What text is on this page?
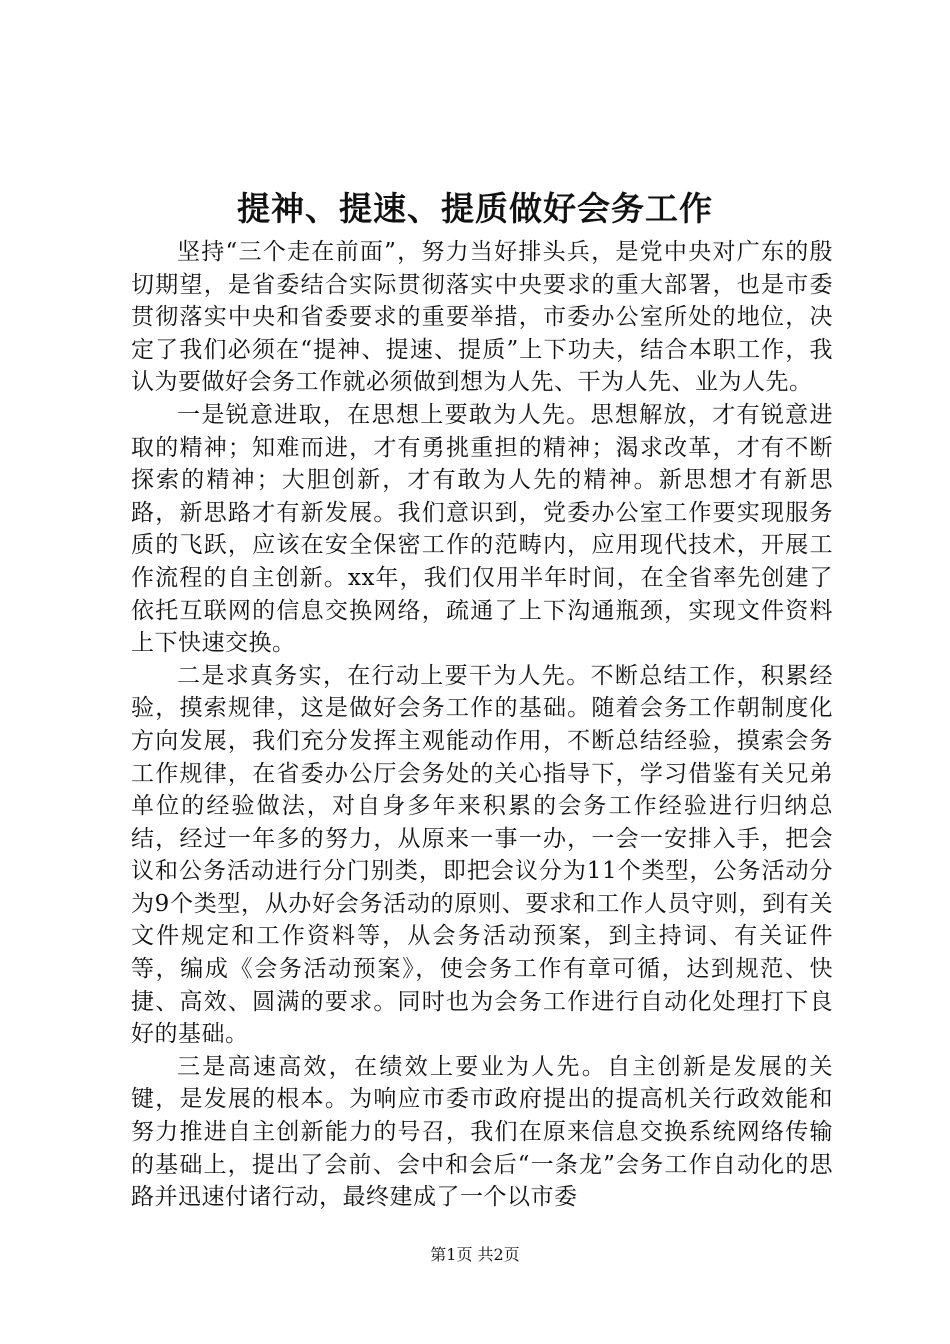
提神、提速、提质做好会务工作

坚持“三个走在前面”，努力当好排头兵，是党中央对广东的殷切期望，是省委结合实际贯彻落实中央要求的重大部署，也是市委贯彻落实中央和省委要求的重要举措，市委办公室所处的地位，决定了我们必须在“提神、提速、提质”上下功夫，结合本职工作，我认为要做好会务工作就必须做到想为人先、干为人先、业为人先。

一是锐意进取，在思想上要敢为人先。思想解放，才有锐意进取的精神；知难而进，才有勇挑重担的精神；渴求改革，才有不断探索的精神；大胆创新，才有敢为人先的精神。新思想才有新思路，新思路才有新发展。我们意识到，党委办公室工作要实现服务质的飞跃，应该在安全保密工作的范畴内，应用现代技术，开展工作流程的自主创新。xx年，我们仅用半年时间，在全省率先创建了依托互联网的信息交换网络，疏通了上下沟通瓶颈，实现文件资料上下快速交换。

二是求真务实，在行动上要干为人先。不断总结工作，积累经验，摸索规律，这是做好会务工作的基础。随着会务工作朝制度化方向发展，我们充分发挥主观能动作用，不断总结经验，摸索会务工作规律，在省委办公厅会务处的关心指导下，学习借鉴有关兄弟单位的经验做法，对自身多年来积累的会务工作经验进行归纳总结，经过一年多的努力，从原来一事一办，一会一安排入手，把会议和公务活动进行分门别类，即把会议分为11个类型，公务活动分为9个类型，从办好会务活动的原则、要求和工作人员守则，到有关文件规定和工作资料等，从会务活动预案，到主持词、有关证件等，编成《会务活动预案》，使会务工作有章可循，达到规范、快捷、高效、圆满的要求。同时也为会务工作进行自动化处理打下良好的基础。

三是高速高效，在绩效上要业为人先。自主创新是发展的关键，是发展的根本。为响应市委市政府提出的提高机关行政效能和努力推进自主创新能力的号召，我们在原来信息交换系统网络传输的基础上，提出了会前、会中和会后“一条龙”会务工作自动化的思路并迅速付诸行动，最终建成了一个以市委

第1页 共2页
